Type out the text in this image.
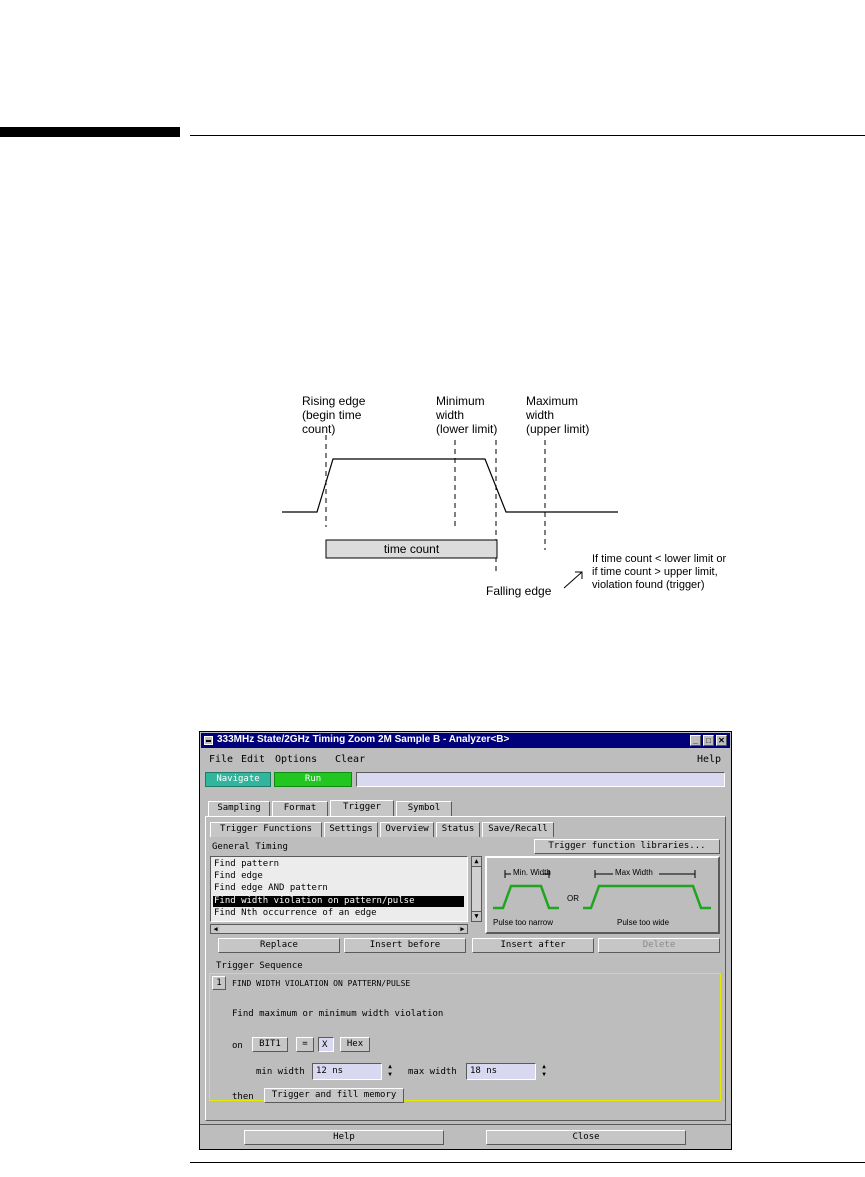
Rising edge
(begin time
count)
Minimum
width
(lower limit)
Maximum
width
(upper limit)
time count
Falling edge
If time count < lower limit or
if time count > upper limit,
violation found (trigger)
333MHz State/2GHz Timing Zoom 2M Sample B - Analyzer<B>	_	□ ✕
File Edit Options Clear	Help
Navigate	Run
Sampling	Format	Trigger	Symbol
Trigger Functions	Settings	Overview	Status	Save/Recall
General Timing	Trigger function libraries...
Find pattern
Find edge
Find edge AND pattern
Find width violation on pattern/pulse
Find Nth occurrence of an edge
▲
▼
◀	▶
Min. Width	Max Width
OR
Pulse too narrow	Pulse too wide
Replace	Insert before	Insert after	Delete
Trigger Sequence
1	FIND WIDTH VIOLATION ON PATTERN/PULSE
Find maximum or minimum width violation
on	BIT1	=	X	Hex
min width	12 ns	▲
▼	max width	18 ns	▲
▼
then	Trigger and fill memory
Help	Close
